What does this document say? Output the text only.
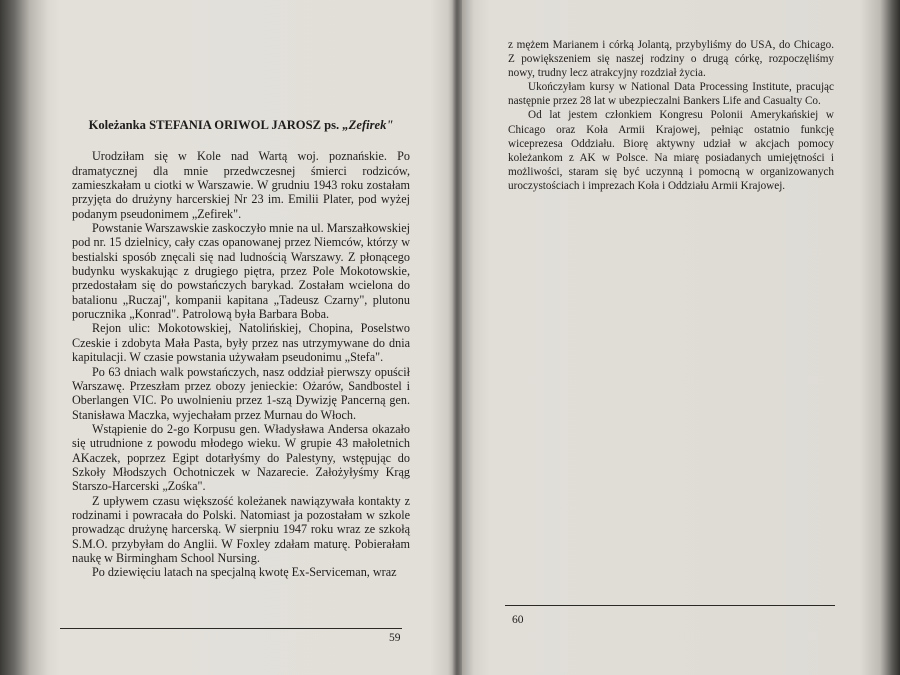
Koleżanka STEFANIA ORIWOL JAROSZ ps. „Zefirek"

Urodziłam się w Kole nad Wartą woj. poznańskie. Po dramatycznej dla mnie przedwczesnej śmierci rodziców, zamieszkałam u ciotki w Warszawie. W grudniu 1943 roku zostałam przyjęta do drużyny harcerskiej Nr 23 im. Emilii Plater, pod wyżej podanym pseudonimem „Zefirek".

Powstanie Warszawskie zaskoczyło mnie na ul. Marszałkowskiej pod nr. 15 dzielnicy, cały czas opanowanej przez Niemców, którzy w bestialski sposób znęcali się nad ludnością Warszawy. Z płonącego budynku wyskakując z drugiego piętra, przez Pole Mokotowskie, przedostałam się do powstańczych barykad. Zostałam wcielona do batalionu „Ruczaj", kompanii kapitana „Tadeusz Czarny", plutonu porucznika „Konrad". Patrolową była Barbara Boba.

Rejon ulic: Mokotowskiej, Natolińskiej, Chopina, Poselstwo Czeskie i zdobyta Mała Pasta, były przez nas utrzymywane do dnia kapitulacji. W czasie powstania używałam pseudonimu „Stefa".

Po 63 dniach walk powstańczych, nasz oddział pierwszy opuścił Warszawę. Przeszłam przez obozy jenieckie: Ożarów, Sandbostel i Oberlangen VIC. Po uwolnieniu przez 1-szą Dywizję Pancerną gen. Stanisława Maczka, wyjechałam przez Murnau do Włoch.

Wstąpienie do 2-go Korpusu gen. Władysława Andersa okazało się utrudnione z powodu młodego wieku. W grupie 43 małoletnich AKaczek, poprzez Egipt dotarłyśmy do Palestyny, wstępując do Szkoły Młodszych Ochotniczek w Nazarecie. Założyłyśmy Krąg Starszo-Harcerski „Zośka".

Z upływem czasu większość koleżanek nawiązywała kontakty z rodzinami i powracała do Polski. Natomiast ja pozostałam w szkole prowadząc drużynę harcerską. W sierpniu 1947 roku wraz ze szkołą S.M.O. przybyłam do Anglii. W Foxley zdałam maturę. Pobierałam naukę w Birmingham School Nursing.

Po dziewięciu latach na specjalną kwotę Ex-Serviceman, wraz

z mężem Marianem i córką Jolantą, przybyliśmy do USA, do Chicago. Z powiększeniem się naszej rodziny o drugą córkę, rozpoczęliśmy nowy, trudny lecz atrakcyjny rozdział życia.

Ukończyłam kursy w National Data Processing Institute, pracując następnie przez 28 lat w ubezpieczalni Bankers Life and Casualty Co.

Od lat jestem członkiem Kongresu Polonii Amerykańskiej w Chicago oraz Koła Armii Krajowej, pełniąc ostatnio funkcję wiceprezesa Oddziału. Biorę aktywny udział w akcjach pomocy koleżankom z AK w Polsce. Na miarę posiadanych umiejętności i możliwości, staram się być uczynną i pomocną w organizowanych uroczystościach i imprezach Koła i Oddziału Armii Krajowej.

59
60
